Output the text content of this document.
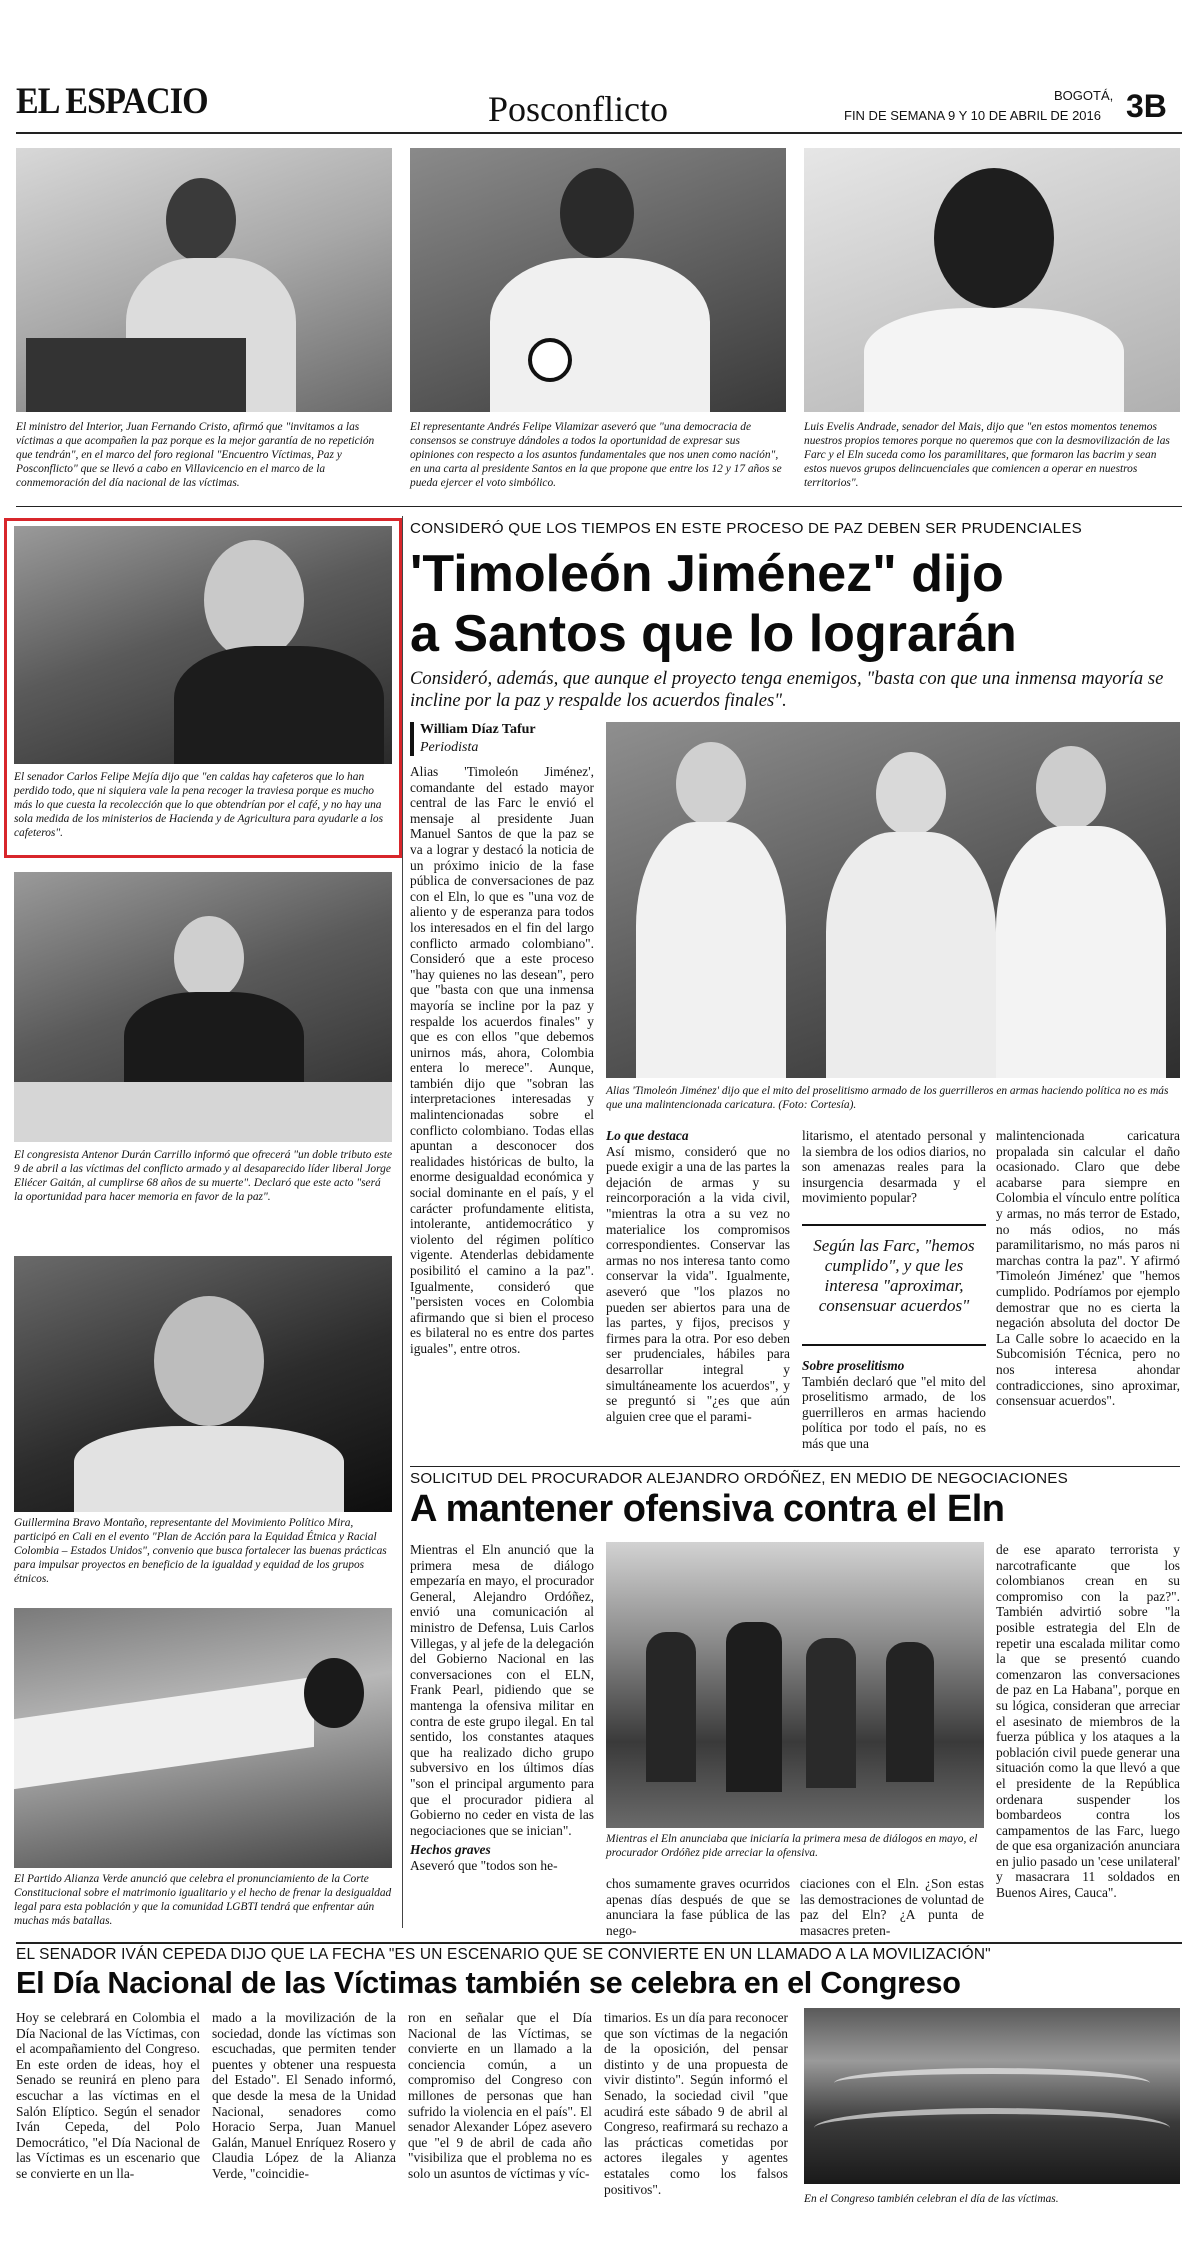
EL ESPACIO	Posconflicto	BOGOTÁ,
FIN DE SEMANA 9 Y 10 DE ABRIL DE 2016 3B
El ministro del Interior, Juan Fernando Cristo, afirmó que "invitamos a las víctimas a que acompañen la paz porque es la mejor garantía de no repetición que tendrán", en el marco del foro regional "Encuentro Víctimas, Paz y Posconflicto" que se llevó a cabo en Villavicencio en el marco de la conmemoración del día nacional de las víctimas.
El representante Andrés Felipe Vilamizar aseveró que "una democracia de consensos se construye dándoles a todos la oportunidad de expresar sus opiniones con respecto a los asuntos fundamentales que nos unen como nación", en una carta al presidente Santos en la que propone que entre los 12 y 17 años se pueda ejercer el voto simbólico.
Luis Evelis Andrade, senador del Mais, dijo que "en estos momentos tenemos nuestros propios temores porque no queremos que con la desmovilización de las Farc y el Eln suceda como los paramilitares, que formaron las bacrim y sean estos nuevos grupos delincuenciales que comiencen a operar en nuestros territorios".
El senador Carlos Felipe Mejía dijo que "en caldas hay cafeteros que lo han perdido todo, que ni siquiera vale la pena recoger la traviesa porque es mucho más lo que cuesta la recolección que lo que obtendrían por el café, y no hay una sola medida de los ministerios de Hacienda y de Agricultura para ayudarle a los cafeteros".
El congresista Antenor Durán Carrillo informó que ofrecerá "un doble tributo este 9 de abril a las víctimas del conflicto armado y al desaparecido líder liberal Jorge Eliécer Gaitán, al cumplirse 68 años de su muerte". Declaró que este acto "será la oportunidad para hacer memoria en favor de la paz".
Guillermina Bravo Montaño, representante del Movimiento Político Mira, participó en Cali en el evento "Plan de Acción para la Equidad Étnica y Racial Colombia – Estados Unidos", convenio que busca fortalecer las buenas prácticas para impulsar proyectos en beneficio de la igualdad y equidad de los grupos étnicos.
El Partido Alianza Verde anunció que celebra el pronunciamiento de la Corte Constitucional sobre el matrimonio igualitario y el hecho de frenar la desigualdad legal para esta población y que la comunidad LGBTI tendrá que enfrentar aún muchas más batallas.
CONSIDERÓ QUE LOS TIEMPOS EN ESTE PROCESO DE PAZ DEBEN SER PRUDENCIALES
'Timoleón Jiménez" dijo
a Santos que lo lograrán
Consideró, además, que aunque el proyecto tenga enemigos, "basta con que una inmensa mayoría se incline por la paz y respalde los acuerdos finales".
William Díaz Tafur
Periodista
Alias 'Timoleón Jiménez', comandante del estado mayor central de las Farc le envió el mensaje al presidente Juan Manuel Santos de que la paz se va a lograr y destacó la noticia de un próximo inicio de la fase pública de conversaciones de paz con el Eln, lo que es "una voz de aliento y de esperanza para todos los interesados en el fin del largo conflicto armado colombiano". Consideró que a este proceso "hay quienes no las desean", pero que "basta con que una inmensa mayoría se incline por la paz y respalde los acuerdos finales" y que es con ellos "que debemos unirnos más, ahora, Colombia entera lo merece". Aunque, también dijo que "sobran las interpretaciones interesadas y malintencionadas sobre el conflicto colombiano. Todas ellas apuntan a desconocer dos realidades históricas de bulto, la enorme desigualdad económica y social dominante en el país, y el carácter profundamente elitista, intolerante, antidemocrático y violento del régimen político vigente. Atenderlas debidamente posibilitó el camino a la paz". Igualmente, consideró que "persisten voces en Colombia afirmando que si bien el proceso es bilateral no es entre dos partes iguales", entre otros.
Alias 'Timoleón Jiménez' dijo que el mito del proselitismo armado de los guerrilleros en armas haciendo política no es más que una malintencionada caricatura. (Foto: Cortesía).
Lo que destaca
Así mismo, consideró que no puede exigir a una de las partes la dejación de armas y su reincorporación a la vida civil, "mientras la otra a su vez no materialice los compromisos correspondientes. Conservar las armas no nos interesa tanto como conservar la vida". Igualmente, aseveró que "los plazos no pueden ser abiertos para una de las partes, y fijos, precisos y firmes para la otra. Por eso deben ser prudenciales, hábiles para desarrollar integral y simultáneamente los acuerdos", y se preguntó si "¿es que aún alguien cree que el parami-
litarismo, el atentado personal y la siembra de los odios diarios, no son amenazas reales para la insurgencia desarmada y el movimiento popular?
Según las Farc, "hemos cumplido", y que les interesa "aproximar, consensuar acuerdos"
Sobre proselitismo
También declaró que "el mito del proselitismo armado, de los guerrilleros en armas haciendo política por todo el país, no es más que una
malintencionada caricatura propalada sin calcular el daño ocasionado. Claro que debe acabarse para siempre en Colombia el vínculo entre política y armas, no más terror de Estado, no más odios, no más paramilitarismo, no más paros ni marchas contra la paz". Y afirmó 'Timoleón Jiménez' que "hemos cumplido. Podríamos por ejemplo demostrar que no es cierta la negación absoluta del doctor De La Calle sobre lo acaecido en la Subcomisión Técnica, pero no nos interesa ahondar contradicciones, sino aproximar, consensuar acuerdos".
SOLICITUD DEL PROCURADOR ALEJANDRO ORDÓÑEZ, EN MEDIO DE NEGOCIACIONES
A mantener ofensiva contra el Eln
Mientras el Eln anunció que la primera mesa de diálogo empezaría en mayo, el procurador General, Alejandro Ordóñez, envió una comunicación al ministro de Defensa, Luis Carlos Villegas, y al jefe de la delegación del Gobierno Nacional en las conversaciones con el ELN, Frank Pearl, pidiendo que se mantenga la ofensiva militar en contra de este grupo ilegal. En tal sentido, los constantes ataques que ha realizado dicho grupo subversivo en los últimos días "son el principal argumento para que el procurador pidiera al Gobierno no ceder en vista de las negociaciones que se inician".
Hechos graves
Aseveró que "todos son he-
Mientras el Eln anunciaba que iniciaría la primera mesa de diálogos en mayo, el procurador Ordóñez pide arreciar la ofensiva.
chos sumamente graves ocurridos apenas días después de que se anunciara la fase pública de las nego-
ciaciones con el Eln. ¿Son estas las demostraciones de voluntad de paz del Eln? ¿A punta de masacres preten-
de ese aparato terrorista y narcotraficante que los colombianos crean en su compromiso con la paz?". También advirtió sobre "la posible estrategia del Eln de repetir una escalada militar como la que se presentó cuando comenzaron las conversaciones de paz en La Habana", porque en su lógica, consideran que arreciar el asesinato de miembros de la fuerza pública y los ataques a la población civil puede generar una situación como la que llevó a que el presidente de la República ordenara suspender los bombardeos contra los campamentos de las Farc, luego de que esa organización anunciara en julio pasado un 'cese unilateral' y masacrara 11 soldados en Buenos Aires, Cauca".
EL SENADOR IVÁN CEPEDA DIJO QUE LA FECHA "ES UN ESCENARIO QUE SE CONVIERTE EN UN LLAMADO A LA MOVILIZACIÓN"
El Día Nacional de las Víctimas también se celebra en el Congreso
Hoy se celebrará en Colombia el Día Nacional de las Víctimas, con el acompañamiento del Congreso. En este orden de ideas, hoy el Senado se reunirá en pleno para escuchar a las víctimas en el Salón Elíptico. Según el senador Iván Cepeda, del Polo Democrático, "el Día Nacional de las Víctimas es un escenario que se convierte en un lla-
mado a la movilización de la sociedad, donde las víctimas son escuchadas, que permiten tender puentes y obtener una respuesta del Estado". El Senado informó, que desde la mesa de la Unidad Nacional, senadores como Horacio Serpa, Juan Manuel Galán, Manuel Enríquez Rosero y Claudia López de la Alianza Verde, "coincidie-
ron en señalar que el Día Nacional de las Víctimas, se convierte en un llamado a la conciencia común, a un compromiso del Congreso con millones de personas que han sufrido la violencia en el país". El senador Alexander López asevero que "el 9 de abril de cada año "visibiliza que el problema no es solo un asuntos de víctimas y víc-
timarios. Es un día para reconocer que son víctimas de la negación de la oposición, del pensar distinto y de una propuesta de vivir distinto". Según informó el Senado, la sociedad civil "que acudirá este sábado 9 de abril al Congreso, reafirmará su rechazo a las prácticas cometidas por actores ilegales y agentes estatales como los falsos positivos".
En el Congreso también celebran el día de las víctimas.
